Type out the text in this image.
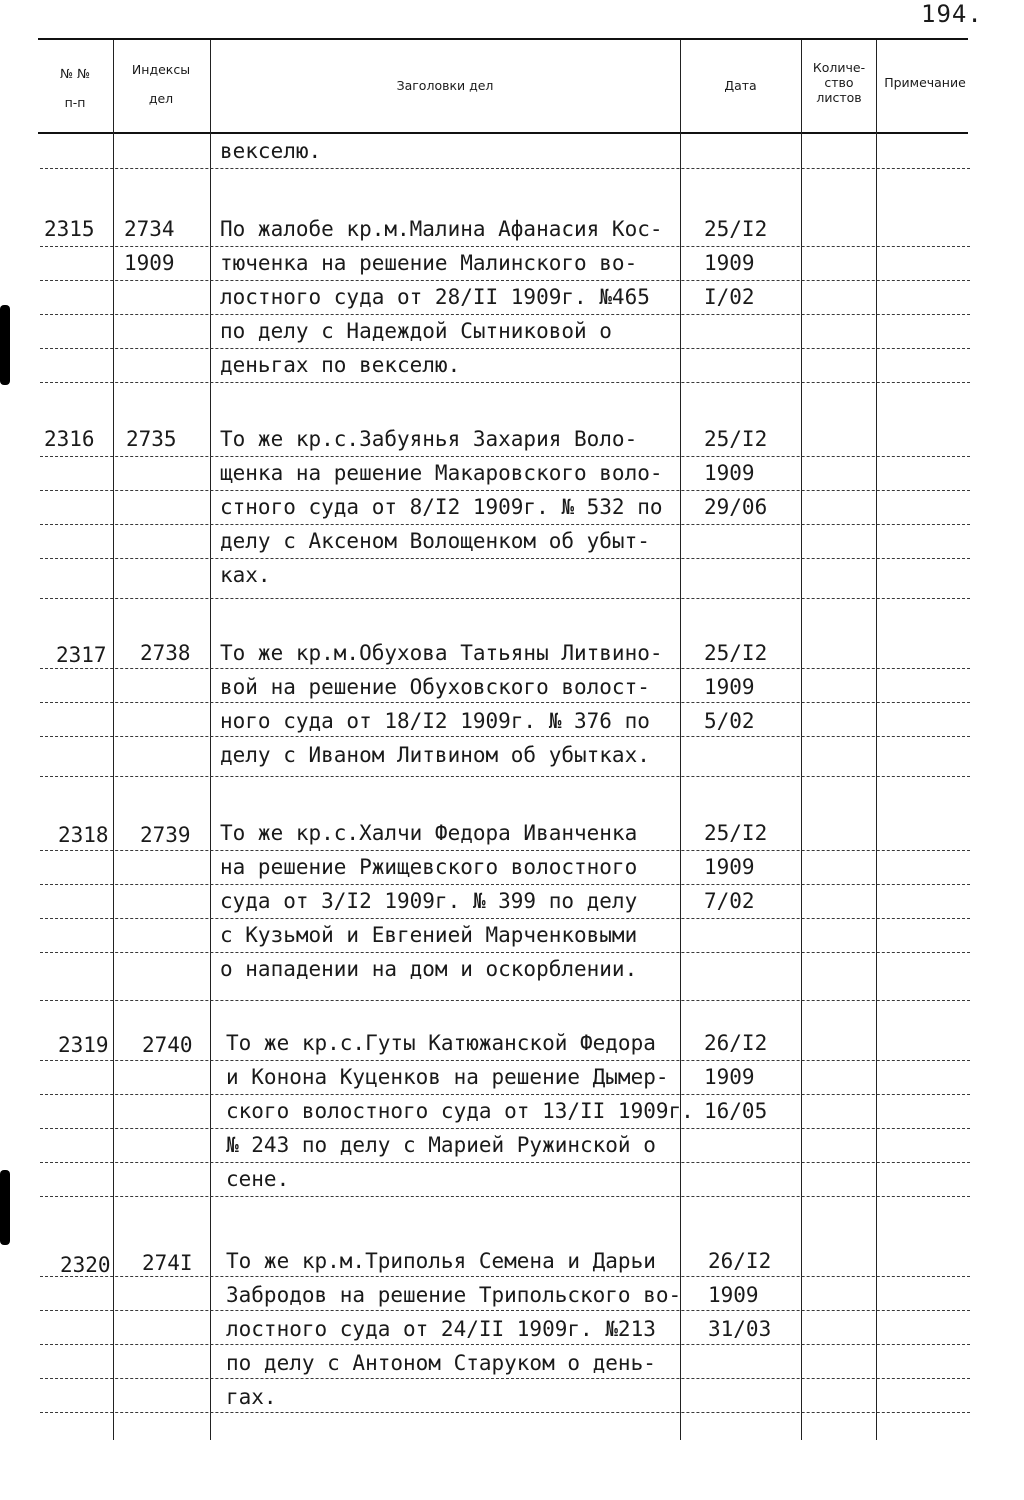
194.
№ №
п-п
Индексы
дел
Заголовки дел	Дата
Количе-
ство
листов
Примечание
векселю.
2315 2734
1909
По жалобе кр.м.Малина Афанасия Кос-
тюченка на решение Малинского во-
лостного суда от 28/II 1909г. №465
по делу с Надеждой Сытниковой о
деньгах по векселю.
25/I2
1909
I/02
2316 2735 То же кр.с.Забуянья Захария Воло-
щенка на решение Макаровского воло-
стного суда от 8/I2 1909г. № 532 по
делу с Аксеном Волощенком об убыт-
ках.
25/I2
1909
29/06
2317 2738 То же кр.м.Обухова Татьяны Литвино-
вой на решение Обуховского волост-
ного суда от 18/I2 1909г. № 376 по
делу с Иваном Литвином об убытках.
25/I2
1909
5/02
2318 2739 То же кр.с.Халчи Федора Иванченка
на решение Ржищевского волостного
суда от 3/I2 1909г. № 399 по делу
с Кузьмой и Евгенией Марченковыми
о нападении на дом и оскорблении.
25/I2
1909
7/02
2319 2740 То же кр.с.Гуты Катюжанской Федора
и Конона Куценков на решение Дымер-
ского волостного суда от 13/II 1909г.
№ 243 по делу с Марией Ружинской о
сене.
26/I2
1909
16/05
2320 274I То же кр.м.Триполья Семена и Дарьи
Забродов на решение Трипольского во-
лостного суда от 24/II 1909г. №213
по делу с Антоном Старуком о день-
гах.
26/I2
1909
31/03
